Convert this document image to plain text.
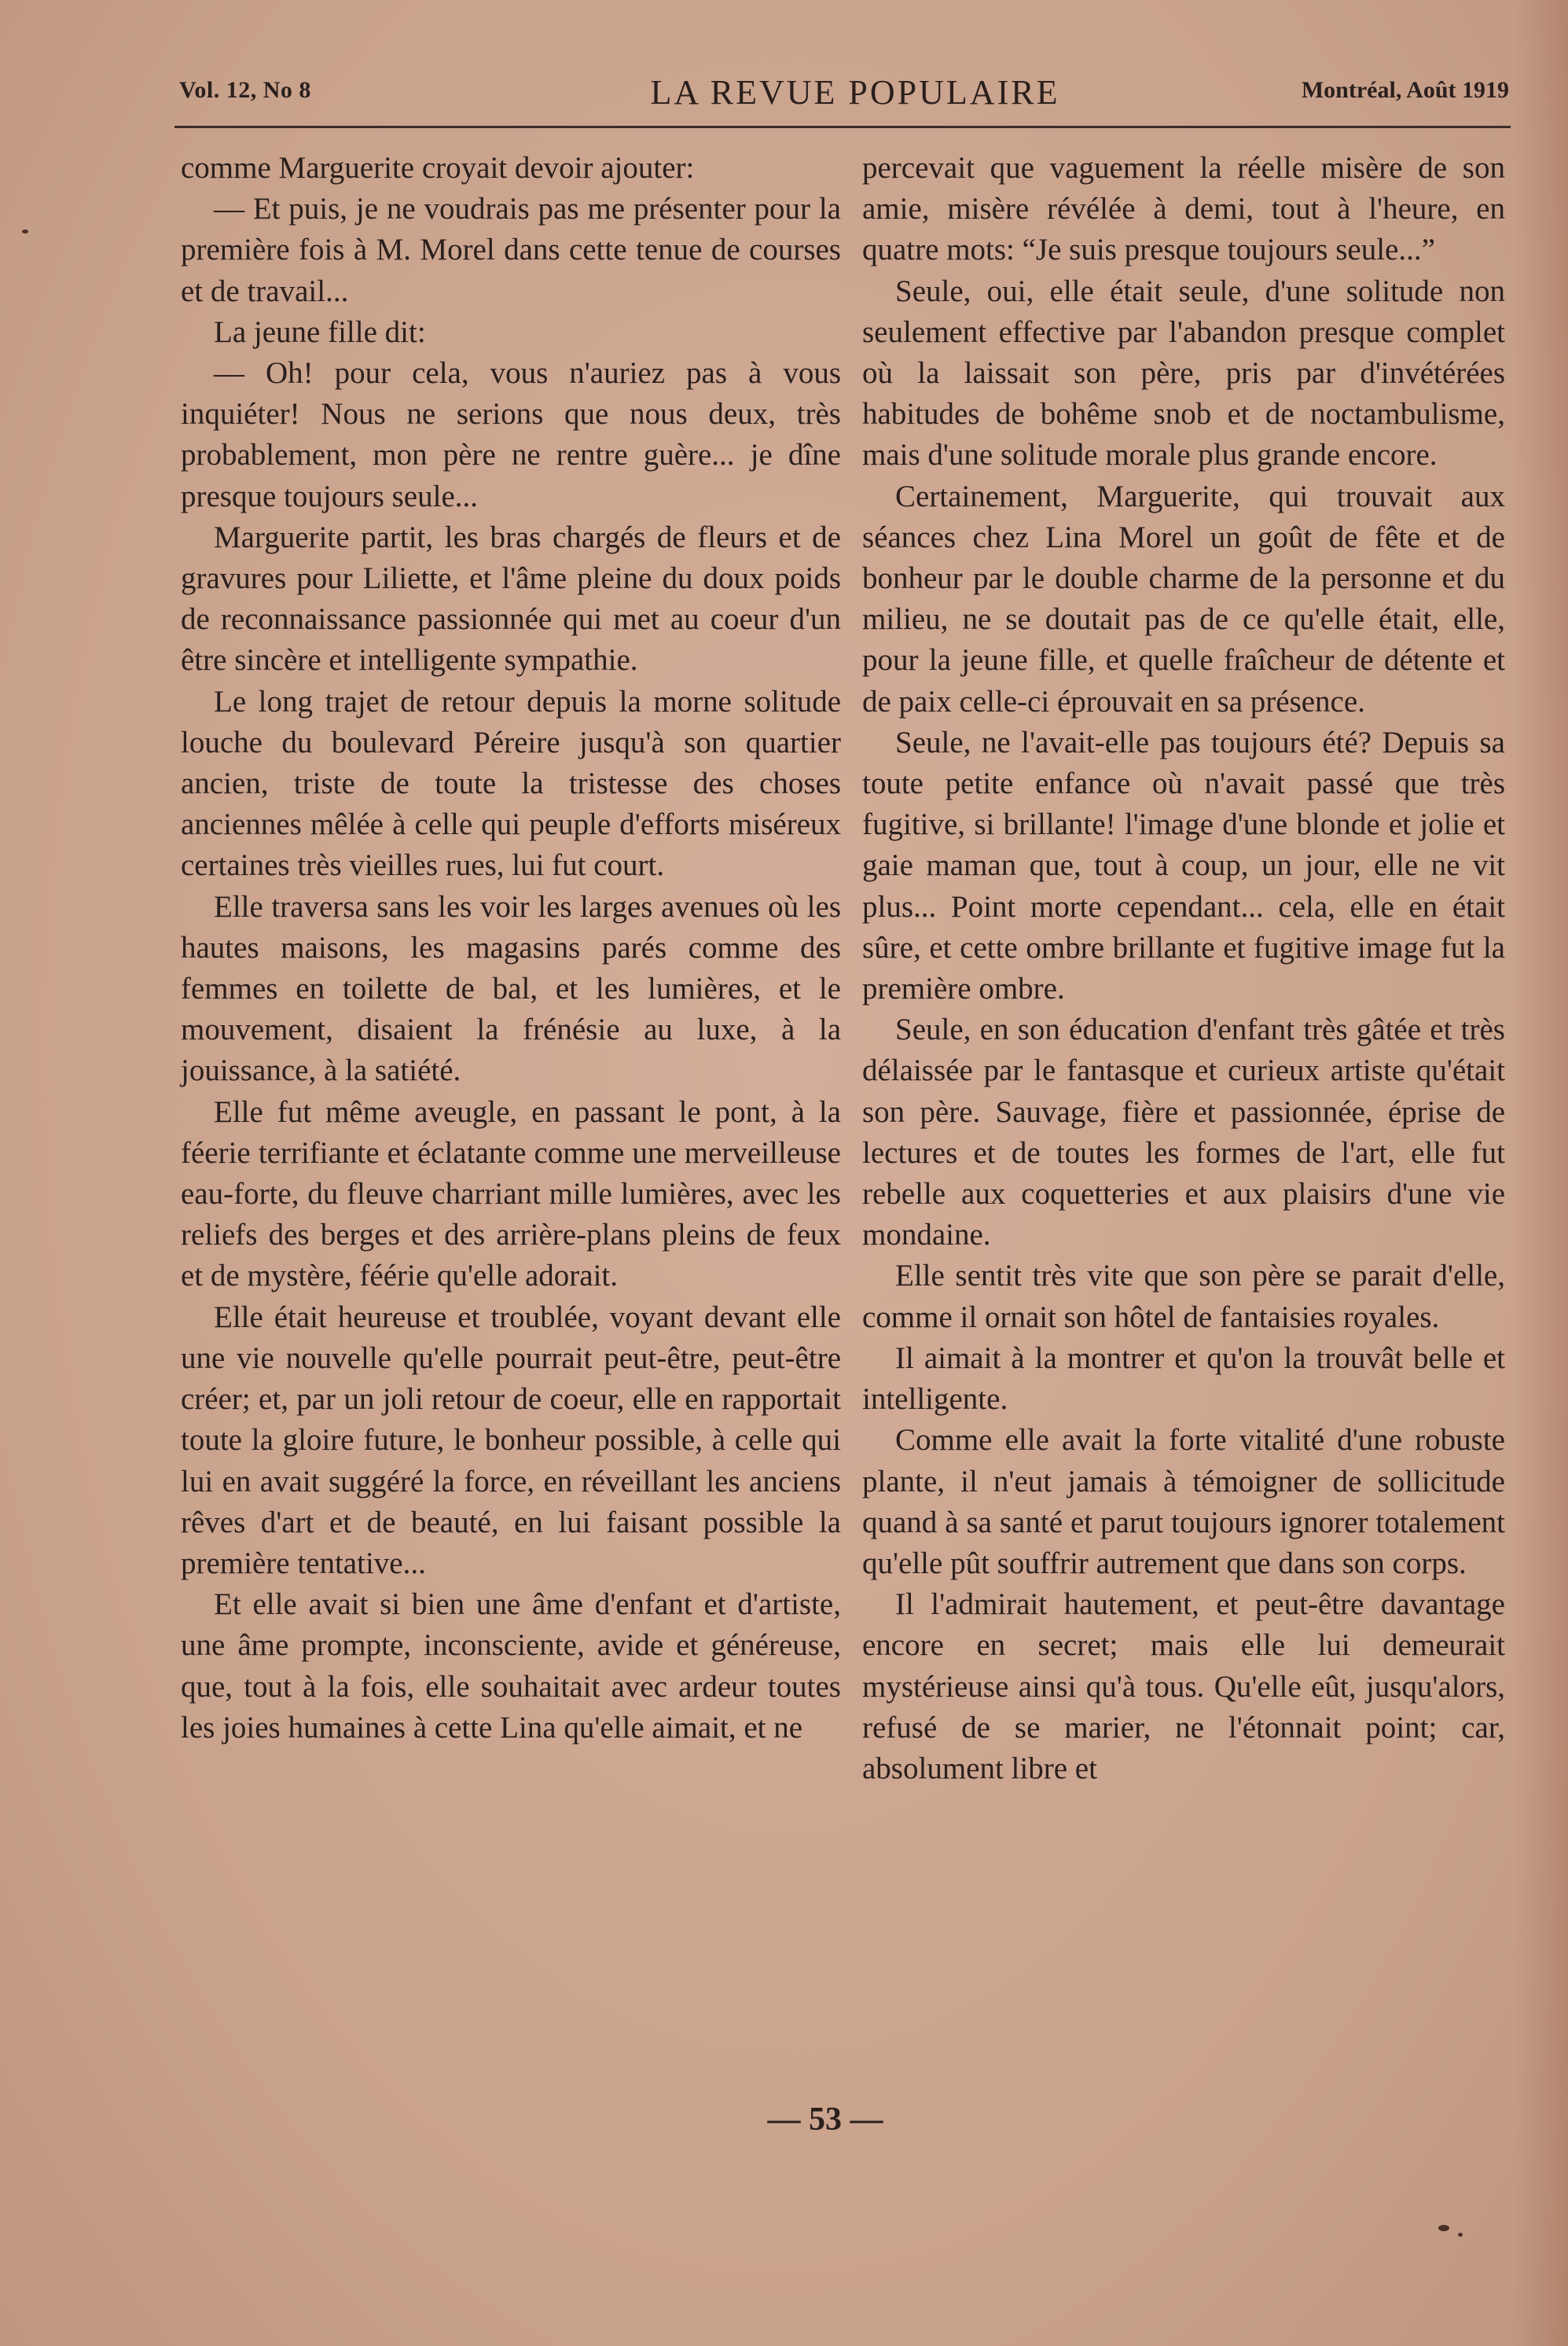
Vol. 12, No 8	LA REVUE POPULAIRE	Montréal, Août 1919

comme Marguerite croyait devoir ajouter:

— Et puis, je ne voudrais pas me présenter pour la première fois à M. Morel dans cette tenue de courses et de travail...

La jeune fille dit:

— Oh! pour cela, vous n'auriez pas à vous inquiéter! Nous ne serions que nous deux, très probablement, mon père ne rentre guère... je dîne presque toujours seule...

Marguerite partit, les bras chargés de fleurs et de gravures pour Liliette, et l'âme pleine du doux poids de reconnaissance passionnée qui met au coeur d'un être sincère et intelligente sympathie.

Le long trajet de retour depuis la morne solitude louche du boulevard Péreire jusqu'à son quartier ancien, triste de toute la tristesse des choses anciennes mêlée à celle qui peuple d'efforts miséreux certaines très vieilles rues, lui fut court.

Elle traversa sans les voir les larges avenues où les hautes maisons, les magasins parés comme des femmes en toilette de bal, et les lumières, et le mouvement, disaient la frénésie au luxe, à la jouissance, à la satiété.

Elle fut même aveugle, en passant le pont, à la féerie terrifiante et éclatante comme une merveilleuse eau-forte, du fleuve charriant mille lumières, avec les reliefs des berges et des arrière-plans pleins de feux et de mystère, féérie qu'elle adorait.

Elle était heureuse et troublée, voyant devant elle une vie nouvelle qu'elle pourrait peut-être, peut-être créer; et, par un joli retour de coeur, elle en rapportait toute la gloire future, le bonheur possible, à celle qui lui en avait suggéré la force, en réveillant les anciens rêves d'art et de beauté, en lui faisant possible la première tentative...

Et elle avait si bien une âme d'enfant et d'artiste, une âme prompte, inconsciente, avide et généreuse, que, tout à la fois, elle souhaitait avec ardeur toutes les joies humaines à cette Lina qu'elle aimait, et ne

percevait que vaguement la réelle misère de son amie, misère révélée à demi, tout à l'heure, en quatre mots: “Je suis presque toujours seule...”

Seule, oui, elle était seule, d'une solitude non seulement effective par l'abandon presque complet où la laissait son père, pris par d'invétérées habitudes de bohême snob et de noctambulisme, mais d'une solitude morale plus grande encore.

Certainement, Marguerite, qui trouvait aux séances chez Lina Morel un goût de fête et de bonheur par le double charme de la personne et du milieu, ne se doutait pas de ce qu'elle était, elle, pour la jeune fille, et quelle fraîcheur de détente et de paix celle-ci éprouvait en sa présence.

Seule, ne l'avait-elle pas toujours été? Depuis sa toute petite enfance où n'avait passé que très fugitive, si brillante! l'image d'une blonde et jolie et gaie maman que, tout à coup, un jour, elle ne vit plus... Point morte cependant... cela, elle en était sûre, et cette ombre brillante et fugitive image fut la première ombre.

Seule, en son éducation d'enfant très gâtée et très délaissée par le fantasque et curieux artiste qu'était son père. Sauvage, fière et passionnée, éprise de lectures et de toutes les formes de l'art, elle fut rebelle aux coquetteries et aux plaisirs d'une vie mondaine.

Elle sentit très vite que son père se parait d'elle, comme il ornait son hôtel de fantaisies royales.

Il aimait à la montrer et qu'on la trouvât belle et intelligente.

Comme elle avait la forte vitalité d'une robuste plante, il n'eut jamais à témoigner de sollicitude quand à sa santé et parut toujours ignorer totalement qu'elle pût souffrir autrement que dans son corps.

Il l'admirait hautement, et peut-être davantage encore en secret; mais elle lui demeurait mystérieuse ainsi qu'à tous. Qu'elle eût, jusqu'alors, refusé de se marier, ne l'étonnait point; car, absolument libre et

— 53 —
